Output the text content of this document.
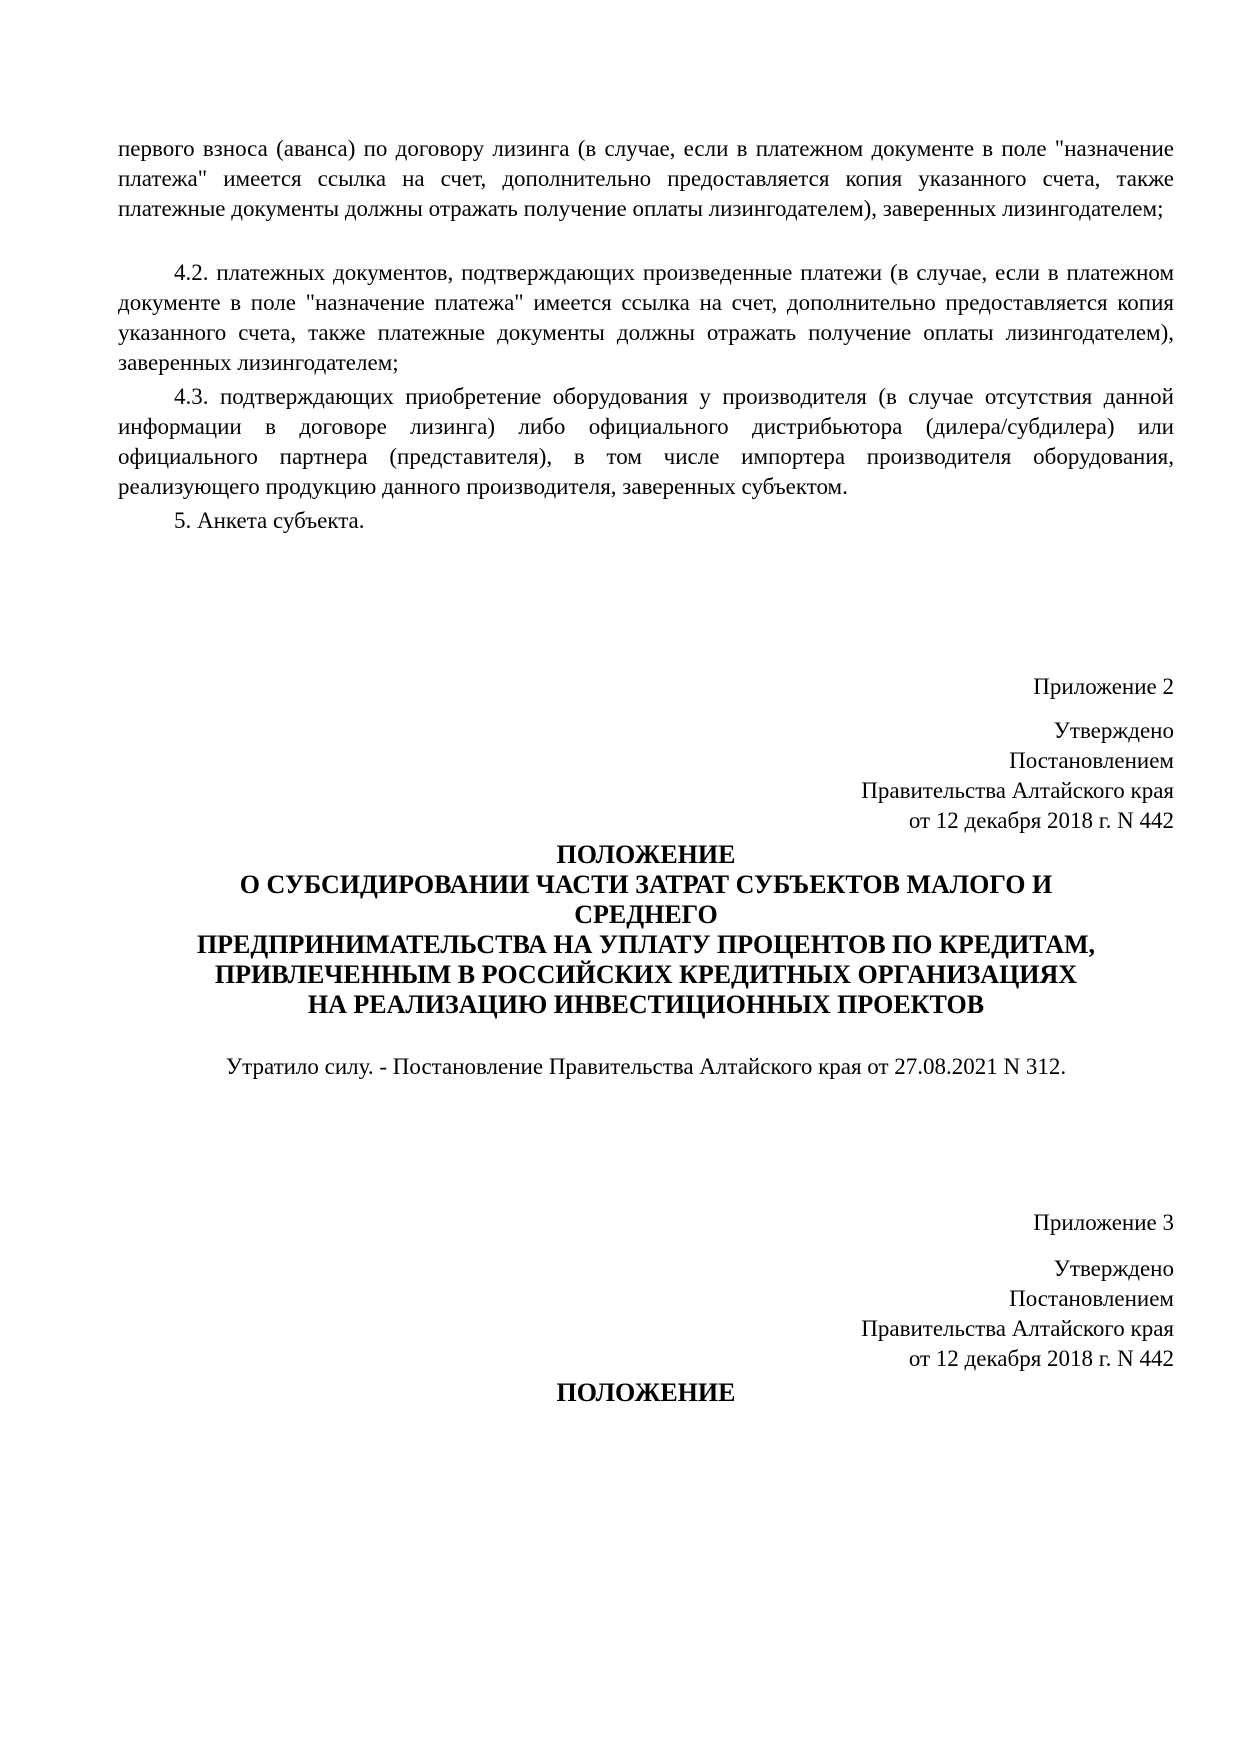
первого взноса (аванса) по договору лизинга (в случае, если в платежном документе в поле "назначение платежа" имеется ссылка на счет, дополнительно предоставляется копия указанного счета, также платежные документы должны отражать получение оплаты лизингодателем), заверенных лизингодателем;

4.2. платежных документов, подтверждающих произведенные платежи (в случае, если в платежном документе в поле "назначение платежа" имеется ссылка на счет, дополнительно предоставляется копия указанного счета, также платежные документы должны отражать получение оплаты лизингодателем), заверенных лизингодателем;

4.3. подтверждающих приобретение оборудования у производителя (в случае отсутствия данной информации в договоре лизинга) либо официального дистрибьютора (дилера/субдилера) или официального партнера (представителя), в том числе импортера производителя оборудования, реализующего продукцию данного производителя, заверенных субъектом.

5. Анкета субъекта.

Приложение 2
Утверждено
Постановлением
Правительства Алтайского края
от 12 декабря 2018 г. N 442
ПОЛОЖЕНИЕ
О СУБСИДИРОВАНИИ ЧАСТИ ЗАТРАТ СУБЪЕКТОВ МАЛОГО И
СРЕДНЕГО
ПРЕДПРИНИМАТЕЛЬСТВА НА УПЛАТУ ПРОЦЕНТОВ ПО КРЕДИТАМ,
ПРИВЛЕЧЕННЫМ В РОССИЙСКИХ КРЕДИТНЫХ ОРГАНИЗАЦИЯХ
НА РЕАЛИЗАЦИЮ ИНВЕСТИЦИОННЫХ ПРОЕКТОВ
Утратило силу. - Постановление Правительства Алтайского края от 27.08.2021 N 312.
Приложение 3
Утверждено
Постановлением
Правительства Алтайского края
от 12 декабря 2018 г. N 442
ПОЛОЖЕНИЕ
